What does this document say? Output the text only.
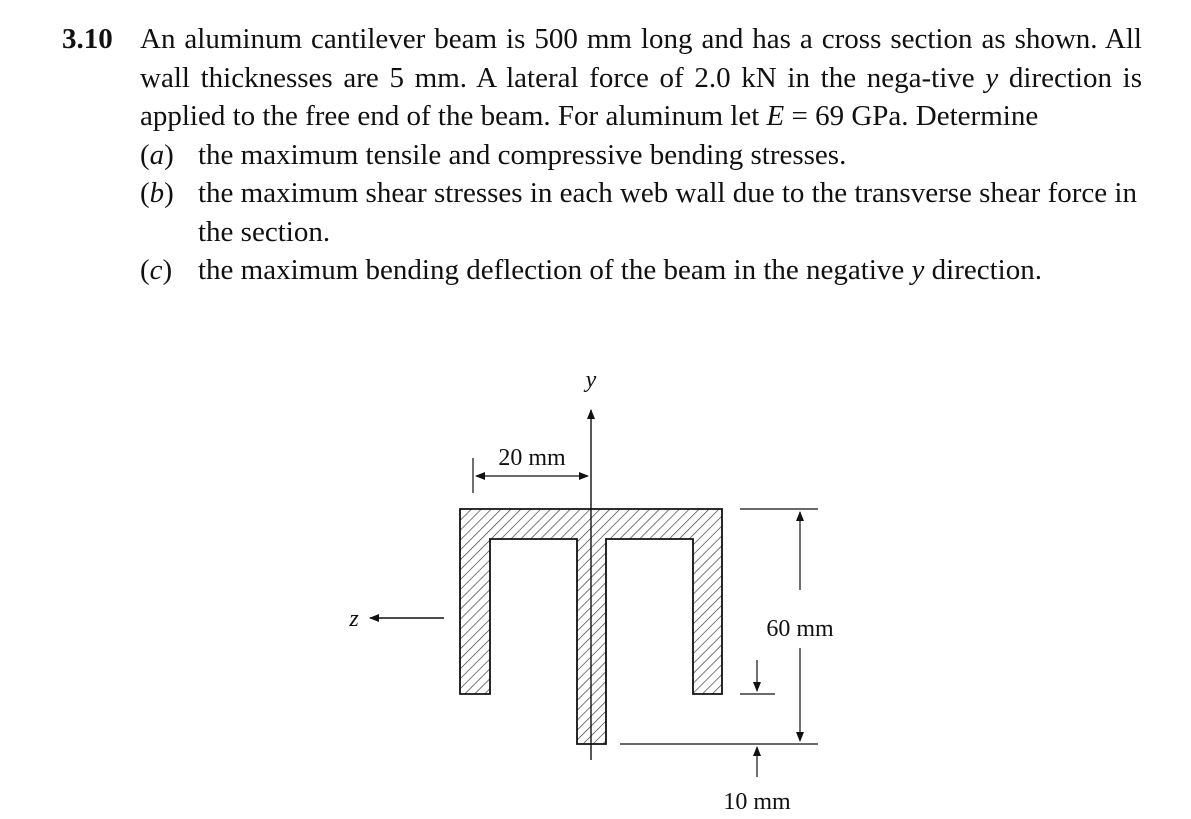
3.10 An aluminum cantilever beam is 500 mm long and has a cross section as shown. All wall thicknesses are 5 mm. A lateral force of 2.0 kN in the nega-tive y direction is applied to the free end of the beam. For aluminum let E = 69 GPa. Determine
(a) the maximum tensile and compressive bending stresses.
(b) the maximum shear stresses in each web wall due to the transverse shear force in the section.
(c) the maximum bending deflection of the beam in the negative y direction.
y
z
20 mm
60 mm
10 mm
